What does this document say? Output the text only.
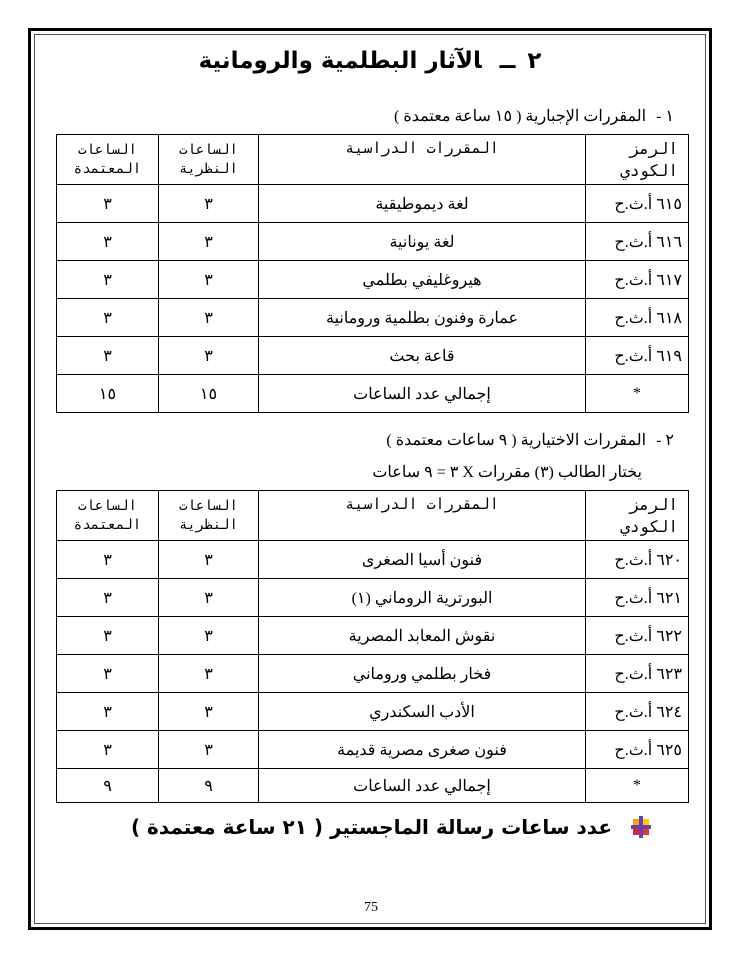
٢ــالآثار البطلمية والرومانية
١ -المقررات الإجبارية ( ١٥ ساعة معتمدة )
الرمز الكودي	المقررات الدراسية	الساعات النظرية	الساعات المعتمدة
٦١٥ أ.ث.ح	لغة ديموطيقية	٣	٣
٦١٦ أ.ث.ح	لغة يونانية	٣	٣
٦١٧ أ.ث.ح	هيروغليفي بطلمي	٣	٣
٦١٨ أ.ث.ح	عمارة وفنون بطلمية ورومانية	٣	٣
٦١٩ أ.ث.ح	قاعة بحث	٣	٣
*	إجمالي عدد الساعات	١٥	١٥
٢ -المقررات الاختيارية ( ٩ ساعات معتمدة )
يختار الطالب (٣) مقررات X ٣ = ٩ ساعات
الرمز الكودي	المقررات الدراسية	الساعات النظرية	الساعات المعتمدة
٦٢٠ أ.ث.ح	فنون أسيا الصغرى	٣	٣
٦٢١ أ.ث.ح	البورترية الروماني (١)	٣	٣
٦٢٢ أ.ث.ح	نقوش المعابد المصرية	٣	٣
٦٢٣ أ.ث.ح	فخار بطلمي وروماني	٣	٣
٦٢٤ أ.ث.ح	الأدب السكندري	٣	٣
٦٢٥ أ.ث.ح	فنون صغرى مصرية قديمة	٣	٣
*	إجمالي عدد الساعات	٩	٩
عدد ساعات رسالة الماجستير ( ٢١ ساعة معتمدة )
75
